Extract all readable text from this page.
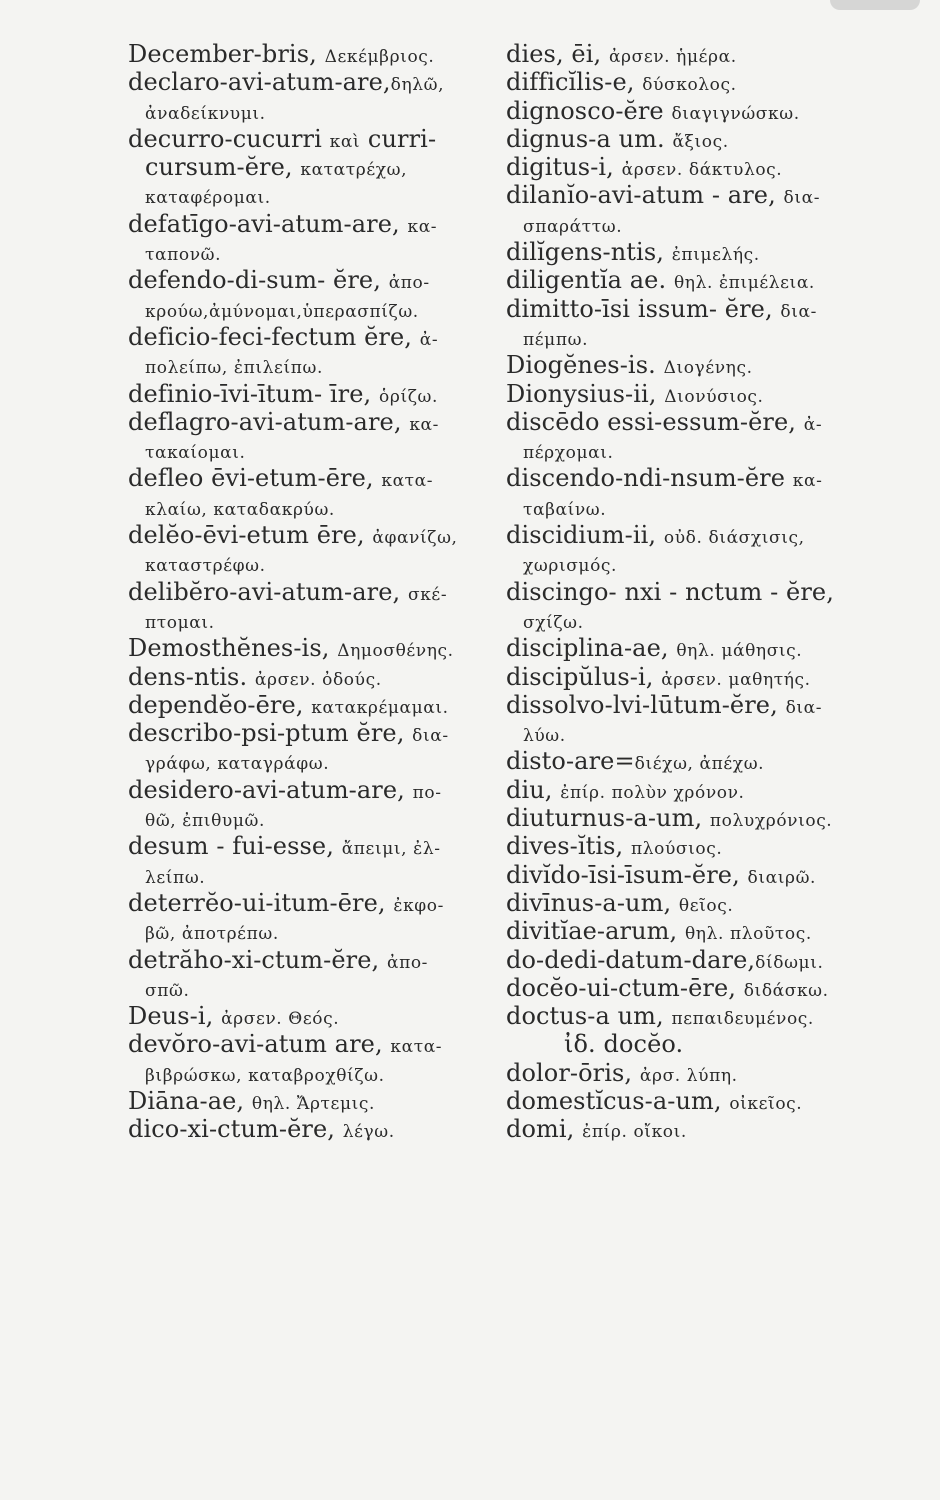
December-bris, Δεκέμβριος.
declaro-avi-atum-are,δηλῶ,
ἀναδείκνυμι.
decurro-cucurri καὶ curri-
cursum-ĕre, κατατρέχω,
καταφέρομαι.
defatīgo-avi-atum-are, κα-
ταπονῶ.
defendo-di-sum- ĕre, ἀπο-
κρούω,ἀμύνομαι,ὑπερασπίζω.
deficio-feci-fectum ĕre, ἀ-
πολείπω, ἐπιλείπω.
definio-īvi-ītum- īre, ὁρίζω.
deflagro-avi-atum-are, κα-
τακαίομαι.
defleo ēvi-etum-ēre, κατα-
κλαίω, καταδακρύω.
delĕo-ēvi-etum ēre, ἀφανίζω,
καταστρέφω.
delibĕro-avi-atum-are, σκέ-
πτομαι.
Demosthĕnes-is, Δημοσθένης.
dens-ntis. ἀρσεν. ὀδούς.
dependĕo-ēre, κατακρέμαμαι.
describo-psi-ptum ĕre, δια-
γράφω, καταγράφω.
desidero-avi-atum-are, πο-
θῶ, ἐπιθυμῶ.
desum - fui-esse, ἄπειμι, ἐλ-
λείπω.
deterrĕo-ui-itum-ēre, ἐκφο-
βῶ, ἀποτρέπω.
detrăho-xi-ctum-ĕre, ἀπο-
σπῶ.
Deus-i, ἀρσεν. Θεός.
devŏro-avi-atum are, κατα-
βιβρώσκω, καταβροχθίζω.
Diāna-ae, θηλ. Ἄρτεμις.
dico-xi-ctum-ĕre, λέγω.
dies, ēi, ἀρσεν. ἡμέρα.
difficĭlis-e, δύσκολος.
dignosco-ĕre διαγιγνώσκω.
dignus-a um. ἄξιος.
digitus-i, ἀρσεν. δάκτυλος.
dilanĭo-avi-atum - are, δια-
σπαράττω.
dilĭgens-ntis, ἐπιμελής.
diligentĭa ae. θηλ. ἐπιμέλεια.
dimitto-īsi issum- ĕre, δια-
πέμπω.
Diogĕnes-is. Διογένης.
Dionysius-ii, Διονύσιος.
discēdo essi-essum-ĕre, ἀ-
πέρχομαι.
discendo-ndi-nsum-ĕre κα-
ταβαίνω.
discidium-ii, οὐδ. διάσχισις,
χωρισμός.
discingo- nxi - nctum - ĕre,
σχίζω.
disciplina-ae, θηλ. μάθησις.
discipŭlus-i, ἀρσεν. μαθητής.
dissolvo-lvi-lūtum-ĕre, δια-
λύω.
disto-are=διέχω, ἀπέχω.
diu, ἐπίρ. πολὺν χρόνον.
diuturnus-a-um, πολυχρόνιος.
dives-ĭtis, πλούσιος.
divĭdo-īsi-īsum-ĕre, διαιρῶ.
divīnus-a-um, θεῖος.
divitĭae-arum, θηλ. πλοῦτος.
do-dedi-datum-dare,δίδωμι.
docĕo-ui-ctum-ēre, διδάσκω.
doctus-a um, πεπαιδευμένος.
ἰδ. docĕo.
dolor-ōris, ἀρσ. λύπη.
domestĭcus-a-um, οἰκεῖος.
domi, ἐπίρ. οἴκοι.
